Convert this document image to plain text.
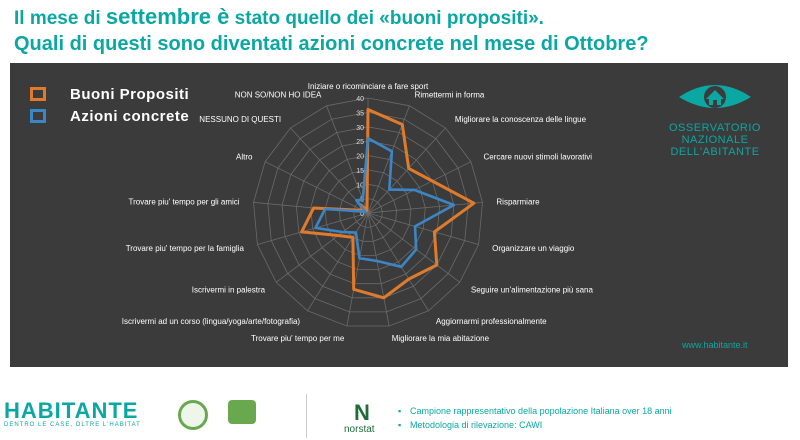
Il mese di settembre è stato quello dei «buoni propositi».
Quali di questi sono diventati azioni concrete nel mese di Ottobre?
0
5
10
15
20
25
30
35
40
Iniziare o ricominciare a fare sport
Rimettermi in forma
Migliorare la conoscenza delle lingue
Cercare nuovi stimoli lavorativi
Risparmiare
Organizzare un viaggio
Seguire un'alimentazione più sana
Aggiornarmi professionalmente
Migliorare la mia abitazione
Trovare piu' tempo per me
Iscrivermi ad un corso (lingua/yoga/arte/fotografia)
Iscrivermi in palestra
Trovare piu' tempo per la famiglia
Trovare piu' tempo per gli amici
Altro
NESSUNO DI QUESTI
NON SO/NON HO IDEA
Buoni Propositi
Azioni concrete
OSSERVATORIO
NAZIONALE
DELL'ABITANTE
www.habitante.it
HABITANTE
DENTRO LE CASE, OLTRE L'HABITAT	N
norstat
▪ Campione rappresentativo della popolazione Italiana over 18 anni
▪ Metodologia di rilevazione: CAWI
